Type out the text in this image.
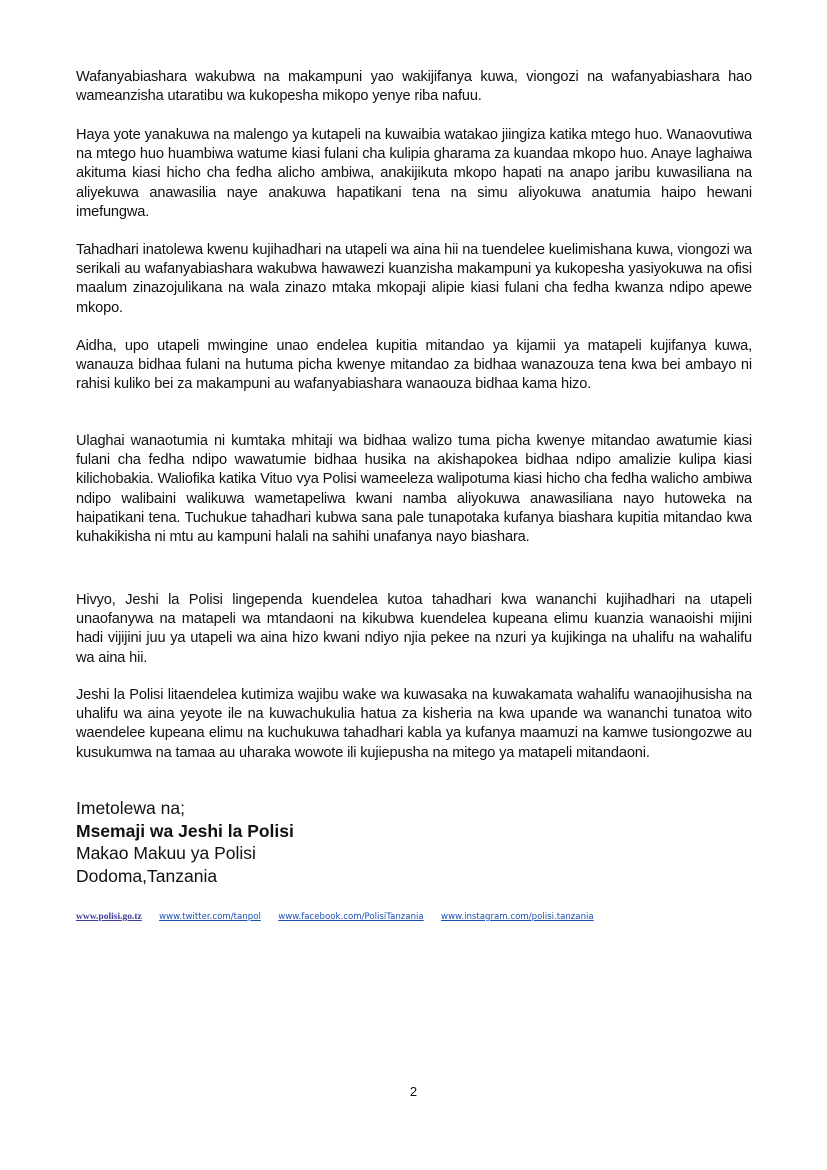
Wafanyabiashara wakubwa na makampuni yao wakijifanya kuwa, viongozi na wafanyabiashara hao wameanzisha utaratibu wa kukopesha mikopo yenye riba nafuu.

Haya yote yanakuwa na malengo ya kutapeli na kuwaibia watakao jiingiza katika mtego huo. Wanaovutiwa na mtego huo huambiwa watume kiasi fulani cha kulipia gharama za kuandaa mkopo huo. Anaye laghaiwa akituma kiasi hicho cha fedha alicho ambiwa, anakijikuta mkopo hapati na anapo jaribu kuwasiliana na aliyekuwa anawasilia naye anakuwa hapatikani tena na simu aliyokuwa anatumia haipo hewani imefungwa.

Tahadhari inatolewa kwenu kujihadhari na utapeli wa aina hii na tuendelee kuelimishana kuwa, viongozi wa serikali au wafanyabiashara wakubwa hawawezi kuanzisha makampuni ya kukopesha yasiyokuwa na ofisi maalum zinazojulikana na wala zinazo mtaka mkopaji alipie kiasi fulani cha fedha kwanza ndipo apewe mkopo.

Aidha, upo utapeli mwingine unao endelea kupitia mitandao ya kijamii ya matapeli kujifanya kuwa, wanauza bidhaa fulani na hutuma picha kwenye mitandao za bidhaa wanazouza tena kwa bei ambayo ni rahisi kuliko bei za makampuni au wafanyabiashara wanaouza bidhaa kama hizo.

Ulaghai wanaotumia ni kumtaka mhitaji wa bidhaa walizo tuma picha kwenye mitandao awatumie kiasi fulani cha fedha ndipo wawatumie bidhaa husika na akishapokea bidhaa ndipo amalizie kulipa kiasi kilichobakia. Waliofika katika Vituo vya Polisi wameeleza walipotuma kiasi hicho cha fedha walicho ambiwa ndipo walibaini walikuwa wametapeliwa kwani namba aliyokuwa anawasiliana nayo hutoweka na haipatikani tena. Tuchukue tahadhari kubwa sana pale tunapotaka kufanya biashara kupitia mitandao kwa kuhakikisha ni mtu au kampuni halali na sahihi unafanya nayo biashara.

Hivyo, Jeshi la Polisi lingependa kuendelea kutoa tahadhari kwa wananchi kujihadhari na utapeli unaofanywa na matapeli wa mtandaoni na kikubwa kuendelea kupeana elimu kuanzia wanaoishi mijini hadi vijijini juu ya utapeli wa aina hizo kwani ndiyo njia pekee na nzuri ya kujikinga na uhalifu na wahalifu wa aina hii.

Jeshi la Polisi litaendelea kutimiza wajibu wake wa kuwasaka na kuwakamata wahalifu wanaojihusisha na uhalifu wa aina yeyote ile na kuwachukulia hatua za kisheria na kwa upande wa wananchi tunatoa wito waendelee kupeana elimu na kuchukuwa tahadhari kabla ya kufanya maamuzi na kamwe tusiongozwe au kusukumwa na tamaa au uharaka wowote ili kujiepusha na mitego ya matapeli mitandaoni.

Imetolewa na;
Msemaji wa Jeshi la Polisi
Makao Makuu ya Polisi
Dodoma,Tanzania
www.polisi.go.tz www.twitter.com/tanpol www.facebook.com/PolisiTanzania www.instagram.com/polisi.tanzania
2
